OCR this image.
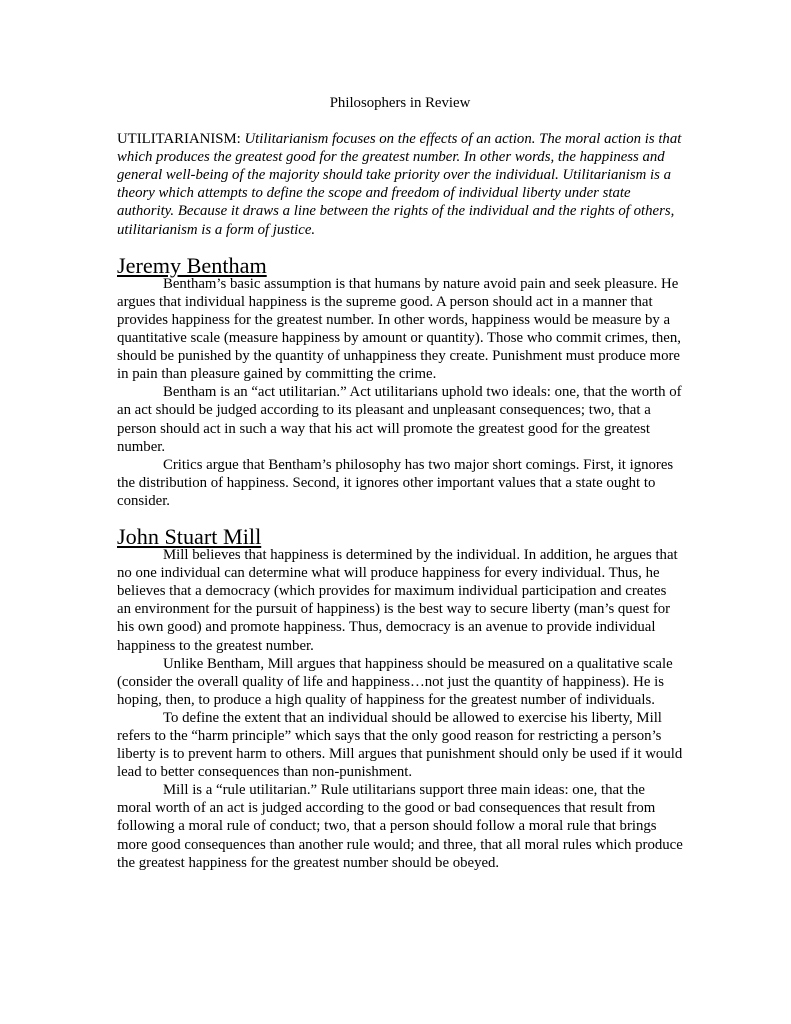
Philosophers in Review

UTILITARIANISM: Utilitarianism focuses on the effects of an action. The moral action is that which produces the greatest good for the greatest number. In other words, the happiness and general well-being of the majority should take priority over the individual. Utilitarianism is a theory which attempts to define the scope and freedom of individual liberty under state authority. Because it draws a line between the rights of the individual and the rights of others, utilitarianism is a form of justice.

Jeremy Bentham

Bentham’s basic assumption is that humans by nature avoid pain and seek pleasure. He argues that individual happiness is the supreme good. A person should act in a manner that provides happiness for the greatest number. In other words, happiness would be measure by a quantitative scale (measure happiness by amount or quantity). Those who commit crimes, then, should be punished by the quantity of unhappiness they create. Punishment must produce more in pain than pleasure gained by committing the crime.

Bentham is an “act utilitarian.” Act utilitarians uphold two ideals: one, that the worth of an act should be judged according to its pleasant and unpleasant consequences; two, that a person should act in such a way that his act will promote the greatest good for the greatest number.

Critics argue that Bentham’s philosophy has two major short comings. First, it ignores the distribution of happiness. Second, it ignores other important values that a state ought to consider.

John Stuart Mill

Mill believes that happiness is determined by the individual. In addition, he argues that no one individual can determine what will produce happiness for every individual. Thus, he believes that a democracy (which provides for maximum individual participation and creates an environment for the pursuit of happiness) is the best way to secure liberty (man’s quest for his own good) and promote happiness. Thus, democracy is an avenue to provide individual happiness to the greatest number.

Unlike Bentham, Mill argues that happiness should be measured on a qualitative scale (consider the overall quality of life and happiness…not just the quantity of happiness). He is hoping, then, to produce a high quality of happiness for the greatest number of individuals.

To define the extent that an individual should be allowed to exercise his liberty, Mill refers to the “harm principle” which says that the only good reason for restricting a person’s liberty is to prevent harm to others. Mill argues that punishment should only be used if it would lead to better consequences than non-punishment.

Mill is a “rule utilitarian.” Rule utilitarians support three main ideas: one, that the moral worth of an act is judged according to the good or bad consequences that result from following a moral rule of conduct; two, that a person should follow a moral rule that brings more good consequences than another rule would; and three, that all moral rules which produce the greatest happiness for the greatest number should be obeyed.
